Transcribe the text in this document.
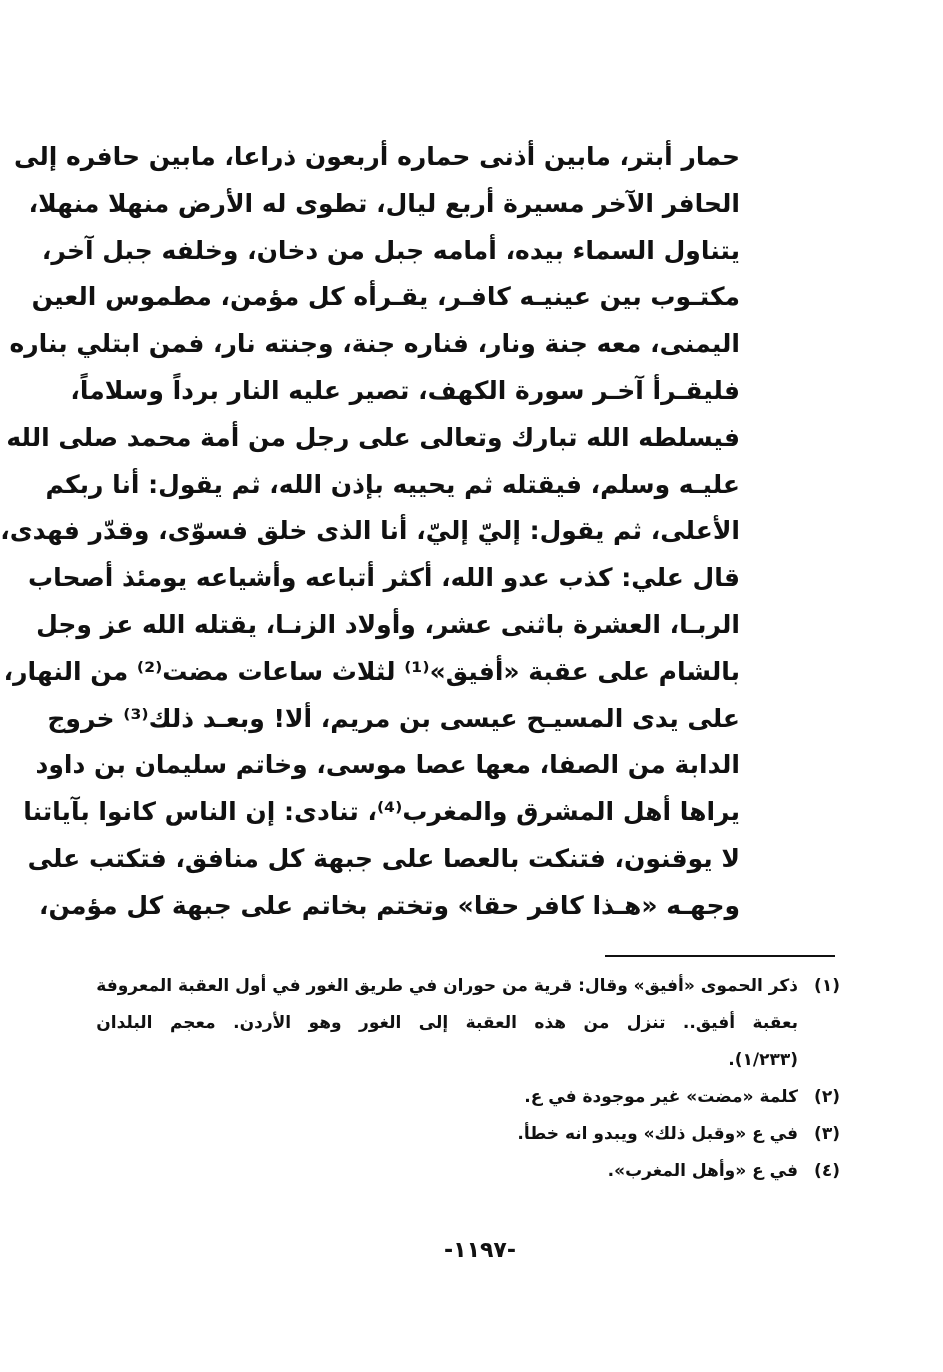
حمار أبتر، مابين أذنى حماره أربعون ذراعا، مابين حافره إلى
الحافر الآخر مسيرة أربع ليال، تطوى له الأرض منهلا منهلا،
يتناول السماء بيده، أمامه جبل من دخان، وخلفه جبل آخر،
مكتـوب بين عينيـه كافـر، يقـرأه كل مؤمن، مطموس العين
اليمنى، معه جنة ونار، فناره جنة، وجنته نار، فمن ابتلي بناره
فليقـرأ آخـر سورة الكهف، تصير عليه النار برداً وسلاماً،
فيسلطه الله تبارك وتعالى على رجل من أمة محمد صلى الله
عليـه وسلم، فيقتله ثم يحييه بإذن الله، ثم يقول: أنا ربكم
الأعلى، ثم يقول: إليّ إليّ، أنا الذى خلق فسوّى، وقدّر فهدى،
قال علي: كذب عدو الله، أكثر أتباعه وأشياعه يومئذ أصحاب
الربـا، العشرة باثنى عشر، وأولاد الزنـا، يقتله الله عز وجل
بالشام على عقبة «أفيق»⁽¹⁾ لثلاث ساعات مضت⁽²⁾ من النهار،
على يدى المسيـح عيسى بن مريم، ألا! وبعـد ذلك⁽³⁾ خروج
الدابة من الصفا، معها عصا موسى، وخاتم سليمان بن داود
يراها أهل المشرق والمغرب⁽⁴⁾، تنادى: إن الناس كانوا بآياتنا
لا يوقنون، فتنكت بالعصا على جبهة كل منافق، فتكتب على
وجهـه «هـذا كافر حقا» وتختم بخاتم على جبهة كل مؤمن،
(١)
ذكر الحموى «أفيق» وقال: قرية من حوران في طريق الغور في أول العقبة المعروفة
بعقبة أفيق.. تنزل من هذه العقبة إلى الغور وهو الأردن. معجم البلدان
(١/٢٣٣).
(٢)
كلمة «مضت» غير موجودة في ع.
(٣)
في ع «وقبل ذلك» ويبدو انه خطأ.
(٤)
في ع «وأهل المغرب».
-١١٩٧-
